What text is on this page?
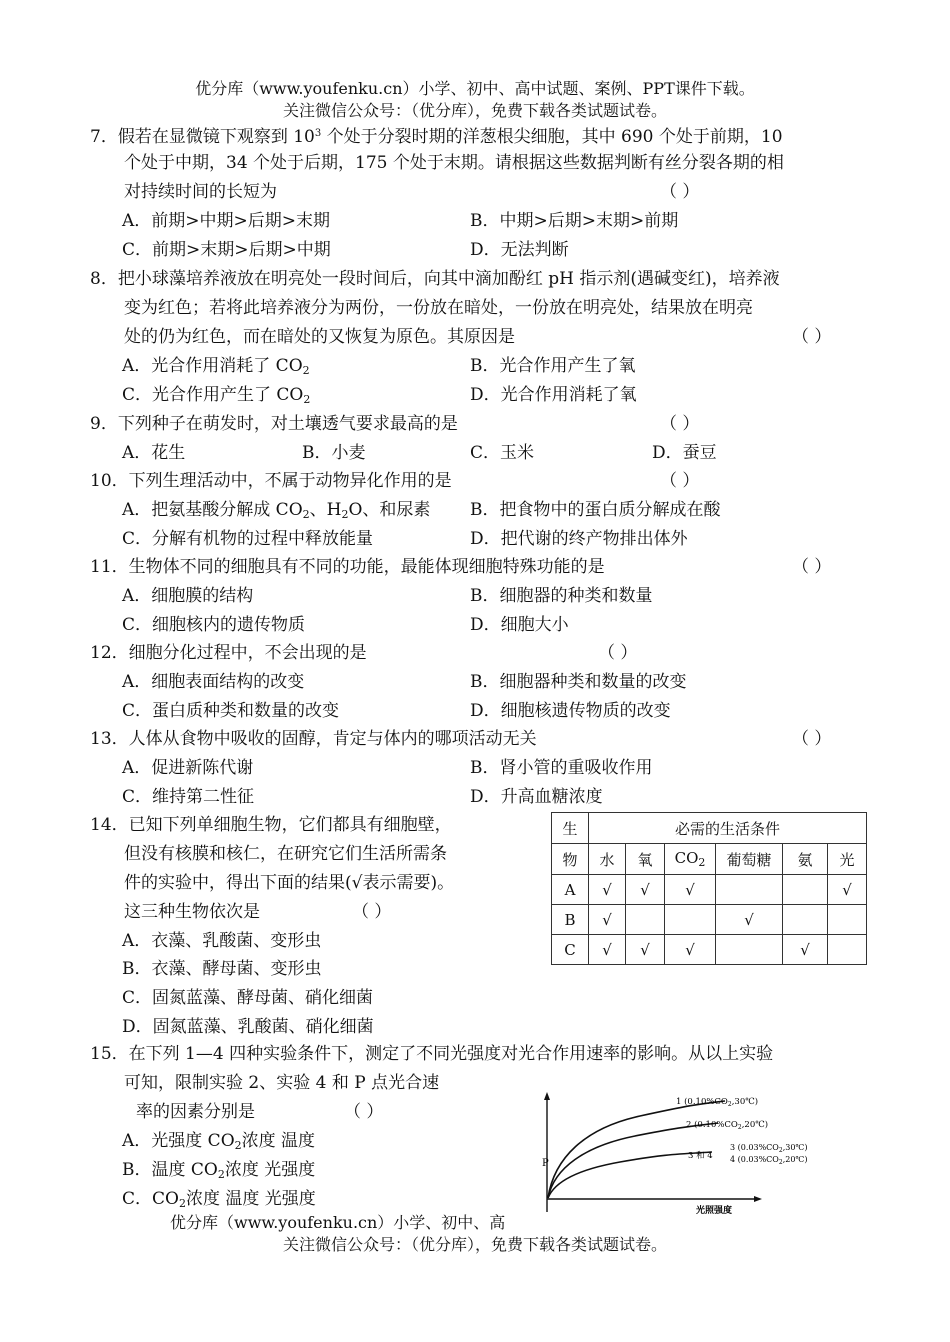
优分库（www.youfenku.cn）小学、初中、高中试题、案例、PPT课件下载。
关注微信公众号：（优分库），免费下载各类试题试卷。
7．假若在显微镜下观察到 $10^3$ 个处于分裂时期的洋葱根尖细胞，其中 690 个处于前期，10
个处于中期，34 个处于后期，175 个处于末期。请根据这些数据判断有丝分裂各期的相
对持续时间的长短为	（ ）
A．前期>中期>后期>末期	B．中期>后期>末期>前期
C．前期>末期>后期>中期	D．无法判断
8．把小球藻培养液放在明亮处一段时间后，向其中滴加酚红 pH 指示剂(遇碱变红)，培养液
变为红色；若将此培养液分为两份，一份放在暗处，一份放在明亮处，结果放在明亮
处的仍为红色，而在暗处的又恢复为原色。其原因是	（ ）
A．光合作用消耗了 $CO_2$	B．光合作用产生了氧
C．光合作用产生了 $CO_2$	D．光合作用消耗了氧
9．下列种子在萌发时，对土壤透气要求最高的是	（ ）
A．花生	B．小麦	C．玉米	D．蚕豆
10．下列生理活动中，不属于动物异化作用的是	（ ）
A．把氨基酸分解成 $CO_2$、$H_2O$、和尿素 B．把食物中的蛋白质分解成在酸
C．分解有机物的过程中释放能量	D．把代谢的终产物排出体外
11．生物体不同的细胞具有不同的功能，最能体现细胞特殊功能的是	（ ）
A．细胞膜的结构	B．细胞器的种类和数量
C．细胞核内的遗传物质	D．细胞大小
12．细胞分化过程中，不会出现的是	（ ）
A．细胞表面结构的改变	B．细胞器种类和数量的改变
C．蛋白质种类和数量的改变	D．细胞核遗传物质的改变
13．人体从食物中吸收的固醇，肯定与体内的哪项活动无关	（ ）
A．促进新陈代谢	B．肾小管的重吸收作用
C．维持第二性征	D．升高血糖浓度
14．已知下列单细胞生物，它们都具有细胞壁，
但没有核膜和核仁，在研究它们生活所需条
件的实验中，得出下面的结果(√表示需要)。
这三种生物依次是	（ ）
A．衣藻、乳酸菌、变形虫
B．衣藻、酵母菌、变形虫
C．固氮蓝藻、酵母菌、硝化细菌
D．固氮蓝藻、乳酸菌、硝化细菌
生	必需的生活条件					
物	水	氧	$CO_2$	葡萄糖	氨	光
A	√	√	√			√
B	√			√		
C	√	√	√		√	
15．在下列 1—4 四种实验条件下，测定了不同光强度对光合作用速率的影响。从以上实验
可知，限制实验 2、实验 4 和 P 点光合速
率的因素分别是	（ ）
A．光强度 $CO_2$浓度 温度
B．温度 $CO_2$浓度 光强度
C．$CO_2$浓度 温度 光强度
P
1 $(0.10\%CO_2,30℃)$
2 $(0.10\%CO_2,20℃)$
3 和 4
3 $(0.03\%CO_2,30℃)$
4 $(0.03\%CO_2,20℃)$
光照强度
优分库（www.youfenku.cn）小学、初中、高
关注微信公众号：（优分库），免费下载各类试题试卷。
